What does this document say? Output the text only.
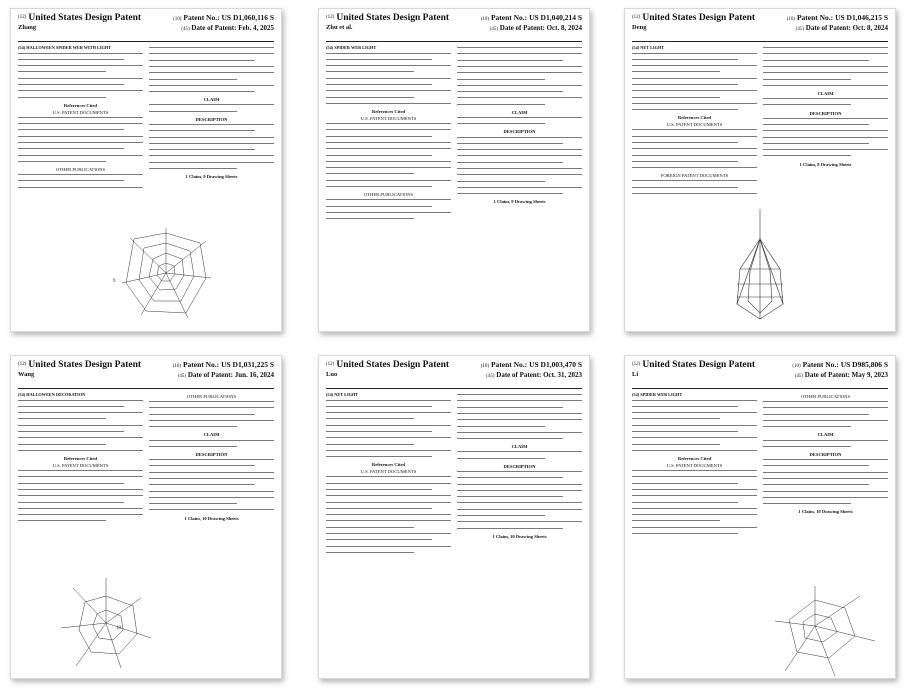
(12) United States Design Patent	(10) Patent No.: US D1,060,116 S
Zhang	(45) Date of Patent: Feb. 4, 2025
(54) HALLOWEEN SPIDER WEB WITH LIGHT
References Cited
U.S. PATENT DOCUMENTS
OTHER PUBLICATIONS
CLAIM
DESCRIPTION
1 Claim, 9 Drawing Sheets
9
(12) United States Design Patent	(10) Patent No.: US D1,040,214 S
Zhu et al.	(45) Date of Patent: Oct. 8, 2024
(54) SPIDER WEB LIGHT
References Cited
U.S. PATENT DOCUMENTS
OTHER PUBLICATIONS
CLAIM
DESCRIPTION
1 Claim, 9 Drawing Sheets
(12) United States Design Patent	(10) Patent No.: US D1,046,215 S
Deng	(45) Date of Patent: Oct. 8, 2024
(54) NET LIGHT
References Cited
U.S. PATENT DOCUMENTS
FOREIGN PATENT DOCUMENTS
CLAIM
DESCRIPTION
1 Claim, 8 Drawing Sheets
(12) United States Design Patent	(10) Patent No.: US D1,031,225 S
Wang	(45) Date of Patent: Jun. 16, 2024
(54) HALLOWEEN DECORATION
References Cited
U.S. PATENT DOCUMENTS
OTHER PUBLICATIONS
CLAIM
DESCRIPTION
1 Claim, 10 Drawing Sheets
10
(12) United States Design Patent	(10) Patent No.: US D1,003,470 S
Luo	(45) Date of Patent: Oct. 31, 2023
(54) NET LIGHT
References Cited
U.S. PATENT DOCUMENTS
CLAIM
DESCRIPTION
1 Claim, 10 Drawing Sheets
(12) United States Design Patent	(10) Patent No.: US D985,806 S
Li	(45) Date of Patent: May 9, 2023
(54) SPIDER WEB LIGHT
References Cited
U.S. PATENT DOCUMENTS
OTHER PUBLICATIONS
CLAIM
DESCRIPTION
1 Claim, 10 Drawing Sheets
